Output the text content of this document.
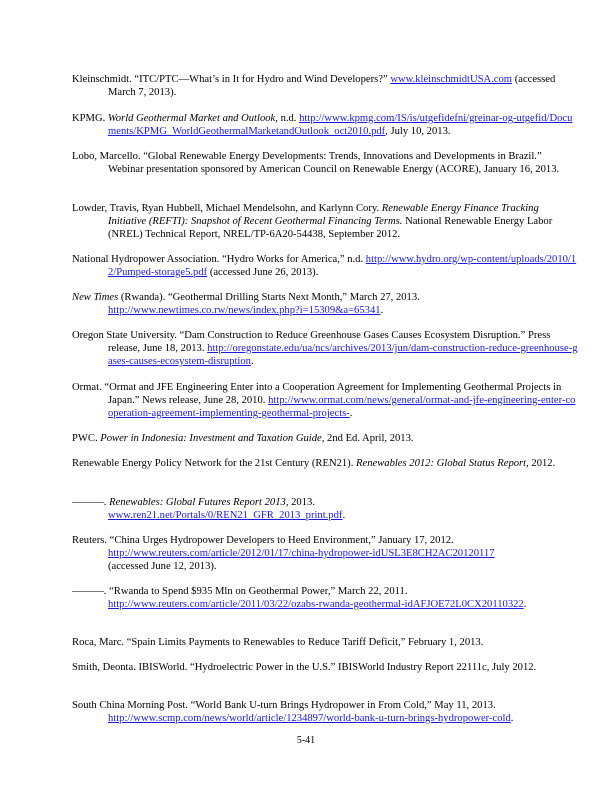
Kleinschmidt. “ITC/PTC—What’s in It for Hydro and Wind Developers?” www.kleinschmidtUSA.com (accessed March 7, 2013).
KPMG. World Geothermal Market and Outlook, n.d. http://www.kpmg.com/IS/is/utgefidefni/greinar-og-utgefid/Documents/KPMG_WorldGeothermalMarketandOutlook_oct2010.pdf, July 10, 2013.
Lobo, Marcello. “Global Renewable Energy Developments: Trends, Innovations and Developments in Brazil.” Webinar presentation sponsored by American Council on Renewable Energy (ACORE), January 16, 2013.
Lowder, Travis, Ryan Hubbell, Michael Mendelsohn, and Karlynn Cory. Renewable Energy Finance Tracking Initiative (REFTI): Snapshot of Recent Geothermal Financing Terms. National Renewable Energy Labor (NREL) Technical Report, NREL/TP-6A20-54438, September 2012.
National Hydropower Association. “Hydro Works for America,” n.d. http://www.hydro.org/wp-content/uploads/2010/12/Pumped-storage5.pdf (accessed June 26, 2013).
New Times (Rwanda). “Geothermal Drilling Starts Next Month,” March 27, 2013. http://www.newtimes.co.rw/news/index.php?i=15309&a=65341.
Oregon State University. “Dam Construction to Reduce Greenhouse Gases Causes Ecosystem Disruption.” Press release, June 18, 2013. http://oregonstate.edu/ua/ncs/archives/2013/jun/dam-construction-reduce-greenhouse-gases-causes-ecosystem-disruption.
Ormat. “Ormat and JFE Engineering Enter into a Cooperation Agreement for Implementing Geothermal Projects in Japan.” News release, June 28, 2010. http://www.ormat.com/news/general/ormat-and-jfe-engineering-enter-cooperation-agreement-implementing-geothermal-projects-.
PWC. Power in Indonesia: Investment and Taxation Guide, 2nd Ed. April, 2013.
Renewable Energy Policy Network for the 21st Century (REN21). Renewables 2012: Global Status Report, 2012.
———. Renewables: Global Futures Report 2013, 2013.
www.ren21.net/Portals/0/REN21_GFR_2013_print.pdf.
Reuters. “China Urges Hydropower Developers to Heed Environment,” January 17, 2012.
http://www.reuters.com/article/2012/01/17/china-hydropower-idUSL3E8CH2AC20120117
(accessed June 12, 2013).
———. “Rwanda to Spend $935 Mln on Geothermal Power,” March 22, 2011.
http://www.reuters.com/article/2011/03/22/ozabs-rwanda-geothermal-idAFJOE72L0CX20110322.
Roca, Marc. “Spain Limits Payments to Renewables to Reduce Tariff Deficit,” February 1, 2013.
Smith, Deonta. IBISWorld. “Hydroelectric Power in the U.S.” IBISWorld Industry Report 22111c, July 2012.
South China Morning Post. “World Bank U-turn Brings Hydropower in From Cold,” May 11, 2013.
http://www.scmp.com/news/world/article/1234897/world-bank-u-turn-brings-hydropower-cold.
5-41
